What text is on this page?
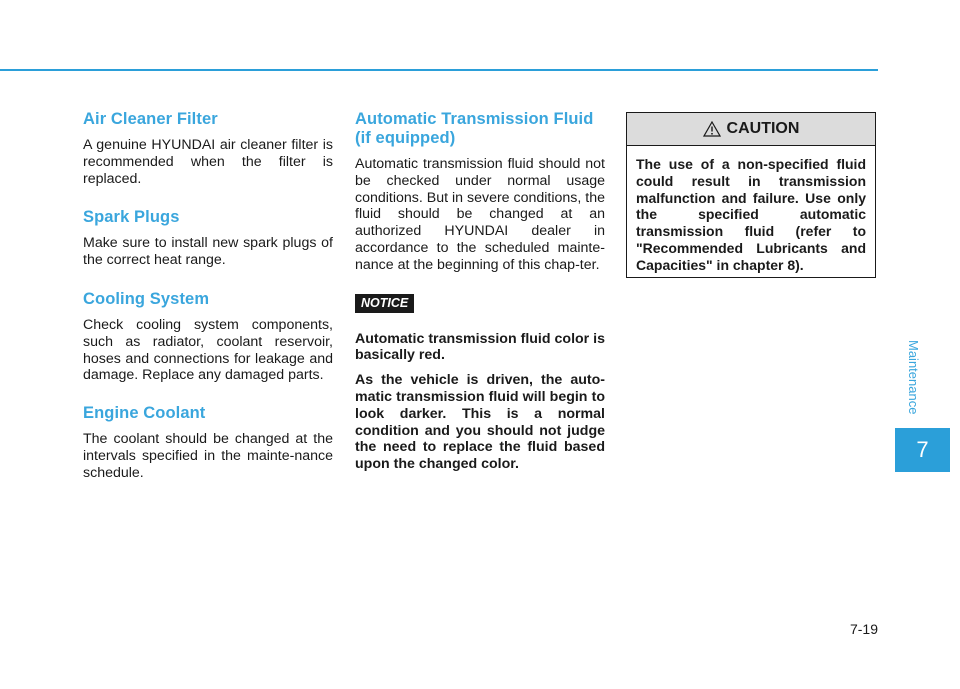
Air Cleaner Filter

A genuine HYUNDAI air cleaner filter is recommended when the filter is replaced.

Spark Plugs

Make sure to install new spark plugs of the correct heat range.

Cooling System

Check cooling system components, such as radiator, coolant reservoir, hoses and connections for leakage and damage. Replace any damaged parts.

Engine Coolant

The coolant should be changed at the intervals specified in the mainte-nance schedule.

Automatic Transmission Fluid
(if equipped)

Automatic transmission fluid should not be checked under normal usage conditions. But in severe conditions, the fluid should be changed at an authorized HYUNDAI dealer in accordance to the scheduled mainte-nance at the beginning of this chap-ter.

NOTICE

Automatic transmission fluid color is basically red.

As the vehicle is driven, the auto-matic transmission fluid will begin to look darker. This is a normal condition and you should not judge the need to replace the fluid based upon the changed color.

CAUTION

The use of a non-specified fluid could result in transmission malfunction and failure. Use only the specified automatic transmission fluid (refer to "Recommended Lubricants and Capacities" in chapter 8).

Maintenance
7
7-19
